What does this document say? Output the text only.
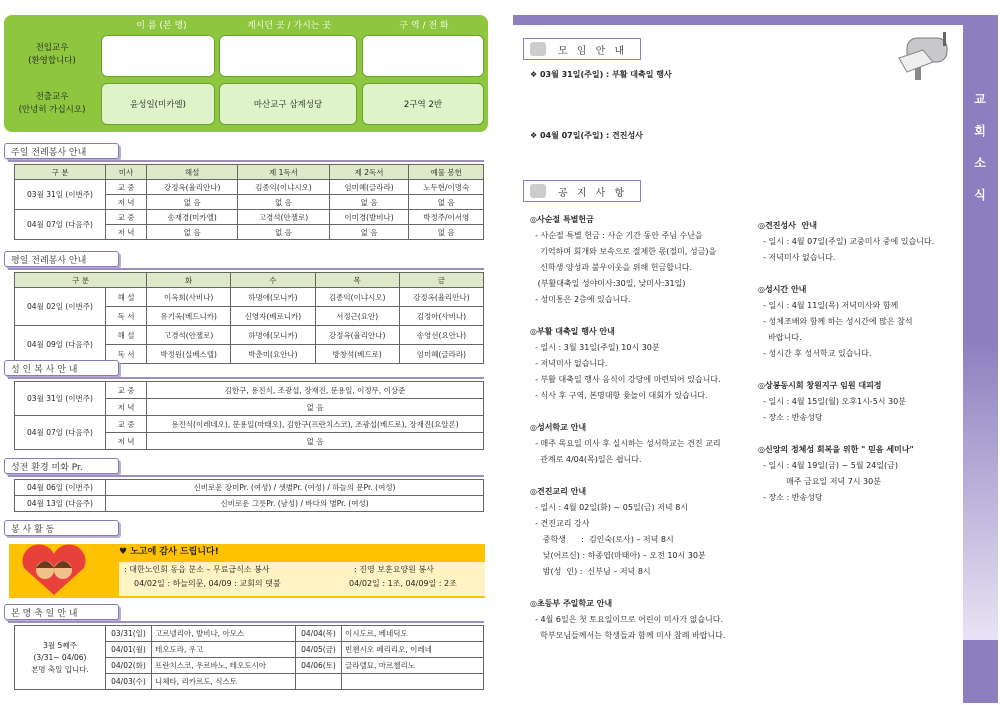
이 름 (본 명)	계시던 곳 / 가시는 곳	구 역 / 전 화
전입교우
(환영합니다)
전출교우
(안녕히 가십시오)	윤성일(미카엘)	마산교구 삼계성당	2구역 2반
주일 전례봉사 안내
구 분	미사	해설	제 1독서	제 2독서	예물 봉헌
03월 31일 (이번주)	교 중	강정옥(율리안나)	김종익(이냐시오)	임미혜(글라라)	노두현/이명숙
	저 녁	없 음	없 음	없 음	없 음
04월 07일 (다음주)	교 중	송재경(미카엘)	고경석(안젤로)	이미경(발비나)	박정주/이서영
	저 녁	없 음	없 음	없 음	없 음
평일 전례봉사 안내
구 분		화	수	목	금
04월 02일 (이번주)	해 설	이옥희(사비나)	하명애(모니카)	김종익(이냐시오)	강정옥(율리안나)
	독 서	유기옥(베드니카)	신영자(베로니카)	서정근(요안)	김정아(사비나)
04월 09일 (다음주)	해 설	고경석(안젤로)	하명애(모니카)	강정옥(율리안나)	송영선(요안나)
	독 서	박정원(실베스텔)	박춘미(요안나)	방창석(베드로)	임미혜(글라라)
성 인 복 사 안 내
03월 31일 (이번주)	교 중	김한구, 용진식, 조광섭, 장재진, 문용일, 이정무, 이상준
	저 녁	없 음
04월 07일 (다음주)	교 중	용진식(이레네오), 문용일(마태오), 김한구(프란치스코), 조광섭(베드로), 장재진(요알론)
	저 녁	없 음
성전 환경 미화 Pr.
04월 06일 (이번주)	신비로운 장미Pr. (여성) / 샛별Pr. (여성) / 하늘의 문Pr. (여성)
04월 13일 (다음주)	신비로운 그릇Pr. (남성) / 바다의 별Pr. (여성)
봉 사 활 동
♥ 노고에 감사 드립니다!
: 대한노인회 동읍 분소 – 무료급식소 봉사
04/02일 : 하늘의문, 04/09 : 교회의 탯불
: 진영 보훈요양원 봉사
04/02일 : 1조, 04/09일 : 2조
본 명 축 일 안 내
3월 5째주
(3/31~ 04/06)
본명 축일 입니다.	03/31(일)	고르넬리아, 발비나, 아모스	04/04(목)	이시도르, 베네딕도
	04/01(월)	테오도라, 우고	04/05(금)	빈첸시오 페리리오, 이레네
	04/02(화)	프란치스코, 우르바노, 테오도시아	04/06(토)	글라델묘, 마르첼리노
	04/03(수)	니체타, 리카르도, 식스토		
교
회
소
식
모 임 안 내
❖ 03월 31일(주일) : 부활 대축일 행사
❖ 04월 07일(주일) : 견진성사
공 지 사 항
◎사순절 특별헌금
- 사순절 특별 헌금 : 사순 기간 동안 주님 수난을
기억하며 회개와 보속으로 절제한 몫(절미, 성금)을
신학생 양성과 불우이웃을 위해 헌금합니다.
(부활대축일 성야미사:30일, 낮미사:31일)
- 성미통은 2층에 있습니다.
◎부활 대축일 행사 안내
- 일시 : 3월 31일(주일) 10시 30분
- 저녁미사 없습니다.
- 부활 대축일 행사 음식이 강당에 마련되어 있습니다.
- 식사 후 구역, 본명대항 윷놀이 대회가 있습니다.
◎성서학교 안내
- 매주 목요일 미사 후 실시하는 성서학교는 견진 교리
관계로 4/04(목)일은 쉽니다.
◎견진교리 안내
- 일시 : 4월 02일(화) ~ 05일(금) 저녁 8시
- 견진교리 강사
중학생      :  김인숙(로사) – 저녁 8시
낮(어르신) : 하종엽(마태아) – 오전 10시 30분
밤(성  인) :  신부님 – 저녁 8시
◎초등부 주일학교 안내
- 4월 6일은 첫 토요일이므로 어린이 미사가 없습니다.
학부모님들께서는 학생들과 함께 미사 참례 바랍니다.
◎견진성사  안내
- 일시 : 4월 07일(주일) 교중미사 중에 있습니다.
- 저녁미사 없습니다.
◎성시간 안내
- 일시 : 4월 11일(목) 저녁미사와 함께
- 성체조배와 함께 하는 성시간에 많은 참석
바랍니다.
- 성시간 후 성서학교 있습니다.
◎상봉동시회 창원지구 임원 대피정
- 일시 : 4월 15일(월) 오후1시-5시 30분
- 장소 : 반송성당
◎신앙의 정체성 회복을 위한 " 믿음 세미나"
- 일시 : 4월 19일(금) ~ 5월 24일(금)
매주 금요일 저녁 7시 30분
- 장소 : 반송성당
